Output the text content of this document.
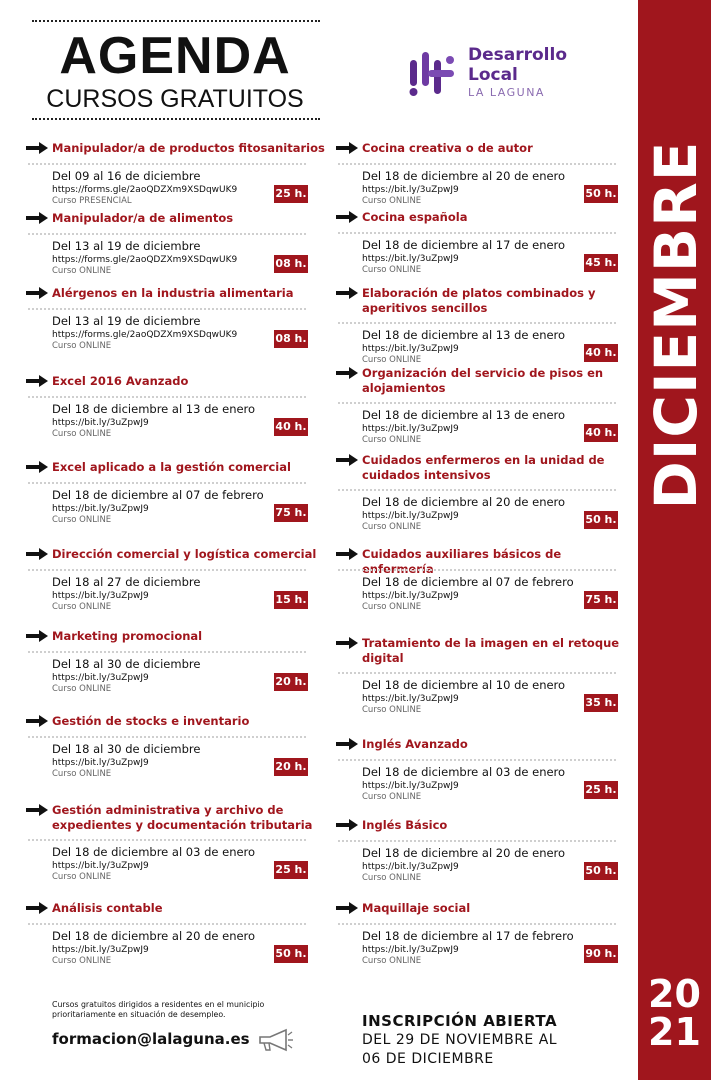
AGENDA
CURSOS GRATUITOS
Desarrollo
Local
LA LAGUNA
DICIEMBRE
20
21
Manipulador/a de productos fitosanitarios
Del 09 al 16 de diciembre
https://forms.gle/2aoQDZXm9XSDqwUK9
Curso PRESENCIAL
25 h.
Manipulador/a de alimentos
Del 13 al 19 de diciembre
https://forms.gle/2aoQDZXm9XSDqwUK9
Curso ONLINE
08 h.
Alérgenos en la industria alimentaria
Del 13 al 19 de diciembre
https://forms.gle/2aoQDZXm9XSDqwUK9
Curso ONLINE
08 h.
Excel 2016 Avanzado
Del 18 de diciembre al 13 de enero
https://bit.ly/3uZpwJ9
Curso ONLINE
40 h.
Excel aplicado a la gestión comercial
Del 18 de diciembre al 07 de febrero
https://bit.ly/3uZpwJ9
Curso ONLINE
75 h.
Dirección comercial y logística comercial
Del 18 al 27 de diciembre
https://bit.ly/3uZpwJ9
Curso ONLINE
15 h.
Marketing promocional
Del 18 al 30 de diciembre
https://bit.ly/3uZpwJ9
Curso ONLINE
20 h.
Gestión de stocks e inventario
Del 18 al 30 de diciembre
https://bit.ly/3uZpwJ9
Curso ONLINE
20 h.
Gestión administrativa y archivo de expedientes y documentación tributaria
Del 18 de diciembre al 03 de enero
https://bit.ly/3uZpwJ9
Curso ONLINE
25 h.
Análisis contable
Del 18 de diciembre al 20 de enero
https://bit.ly/3uZpwJ9
Curso ONLINE
50 h.
Cocina creativa o de autor
Del 18 de diciembre al 20 de enero
https://bit.ly/3uZpwJ9
Curso ONLINE
50 h.
Cocina española
Del 18 de diciembre al 17 de enero
https://bit.ly/3uZpwJ9
Curso ONLINE
45 h.
Elaboración de platos combinados y aperitivos sencillos
Del 18 de diciembre al 13 de enero
https://bit.ly/3uZpwJ9
Curso ONLINE
40 h.
Organización del servicio de pisos en alojamientos
Del 18 de diciembre al 13 de enero
https://bit.ly/3uZpwJ9
Curso ONLINE
40 h.
Cuidados enfermeros en la unidad de cuidados intensivos
Del 18 de diciembre al 20 de enero
https://bit.ly/3uZpwJ9
Curso ONLINE
50 h.
Cuidados auxiliares básicos de enfermería
Del 18 de diciembre al 07 de febrero
https://bit.ly/3uZpwJ9
Curso ONLINE
75 h.
Tratamiento de la imagen en el retoque digital
Del 18 de diciembre al 10 de enero
https://bit.ly/3uZpwJ9
Curso ONLINE
35 h.
Inglés Avanzado
Del 18 de diciembre al 03 de enero
https://bit.ly/3uZpwJ9
Curso ONLINE
25 h.
Inglés Básico
Del 18 de diciembre al 20 de enero
https://bit.ly/3uZpwJ9
Curso ONLINE
50 h.
Maquillaje social
Del 18 de diciembre al 17 de febrero
https://bit.ly/3uZpwJ9
Curso ONLINE
90 h.
Cursos gratuitos dirigidos a residentes en el municipio prioritariamente en situación de desempleo.
formacion@lalaguna.es
INSCRIPCIÓN ABIERTA
DEL 29 DE NOVIEMBRE AL
06 DE DICIEMBRE
